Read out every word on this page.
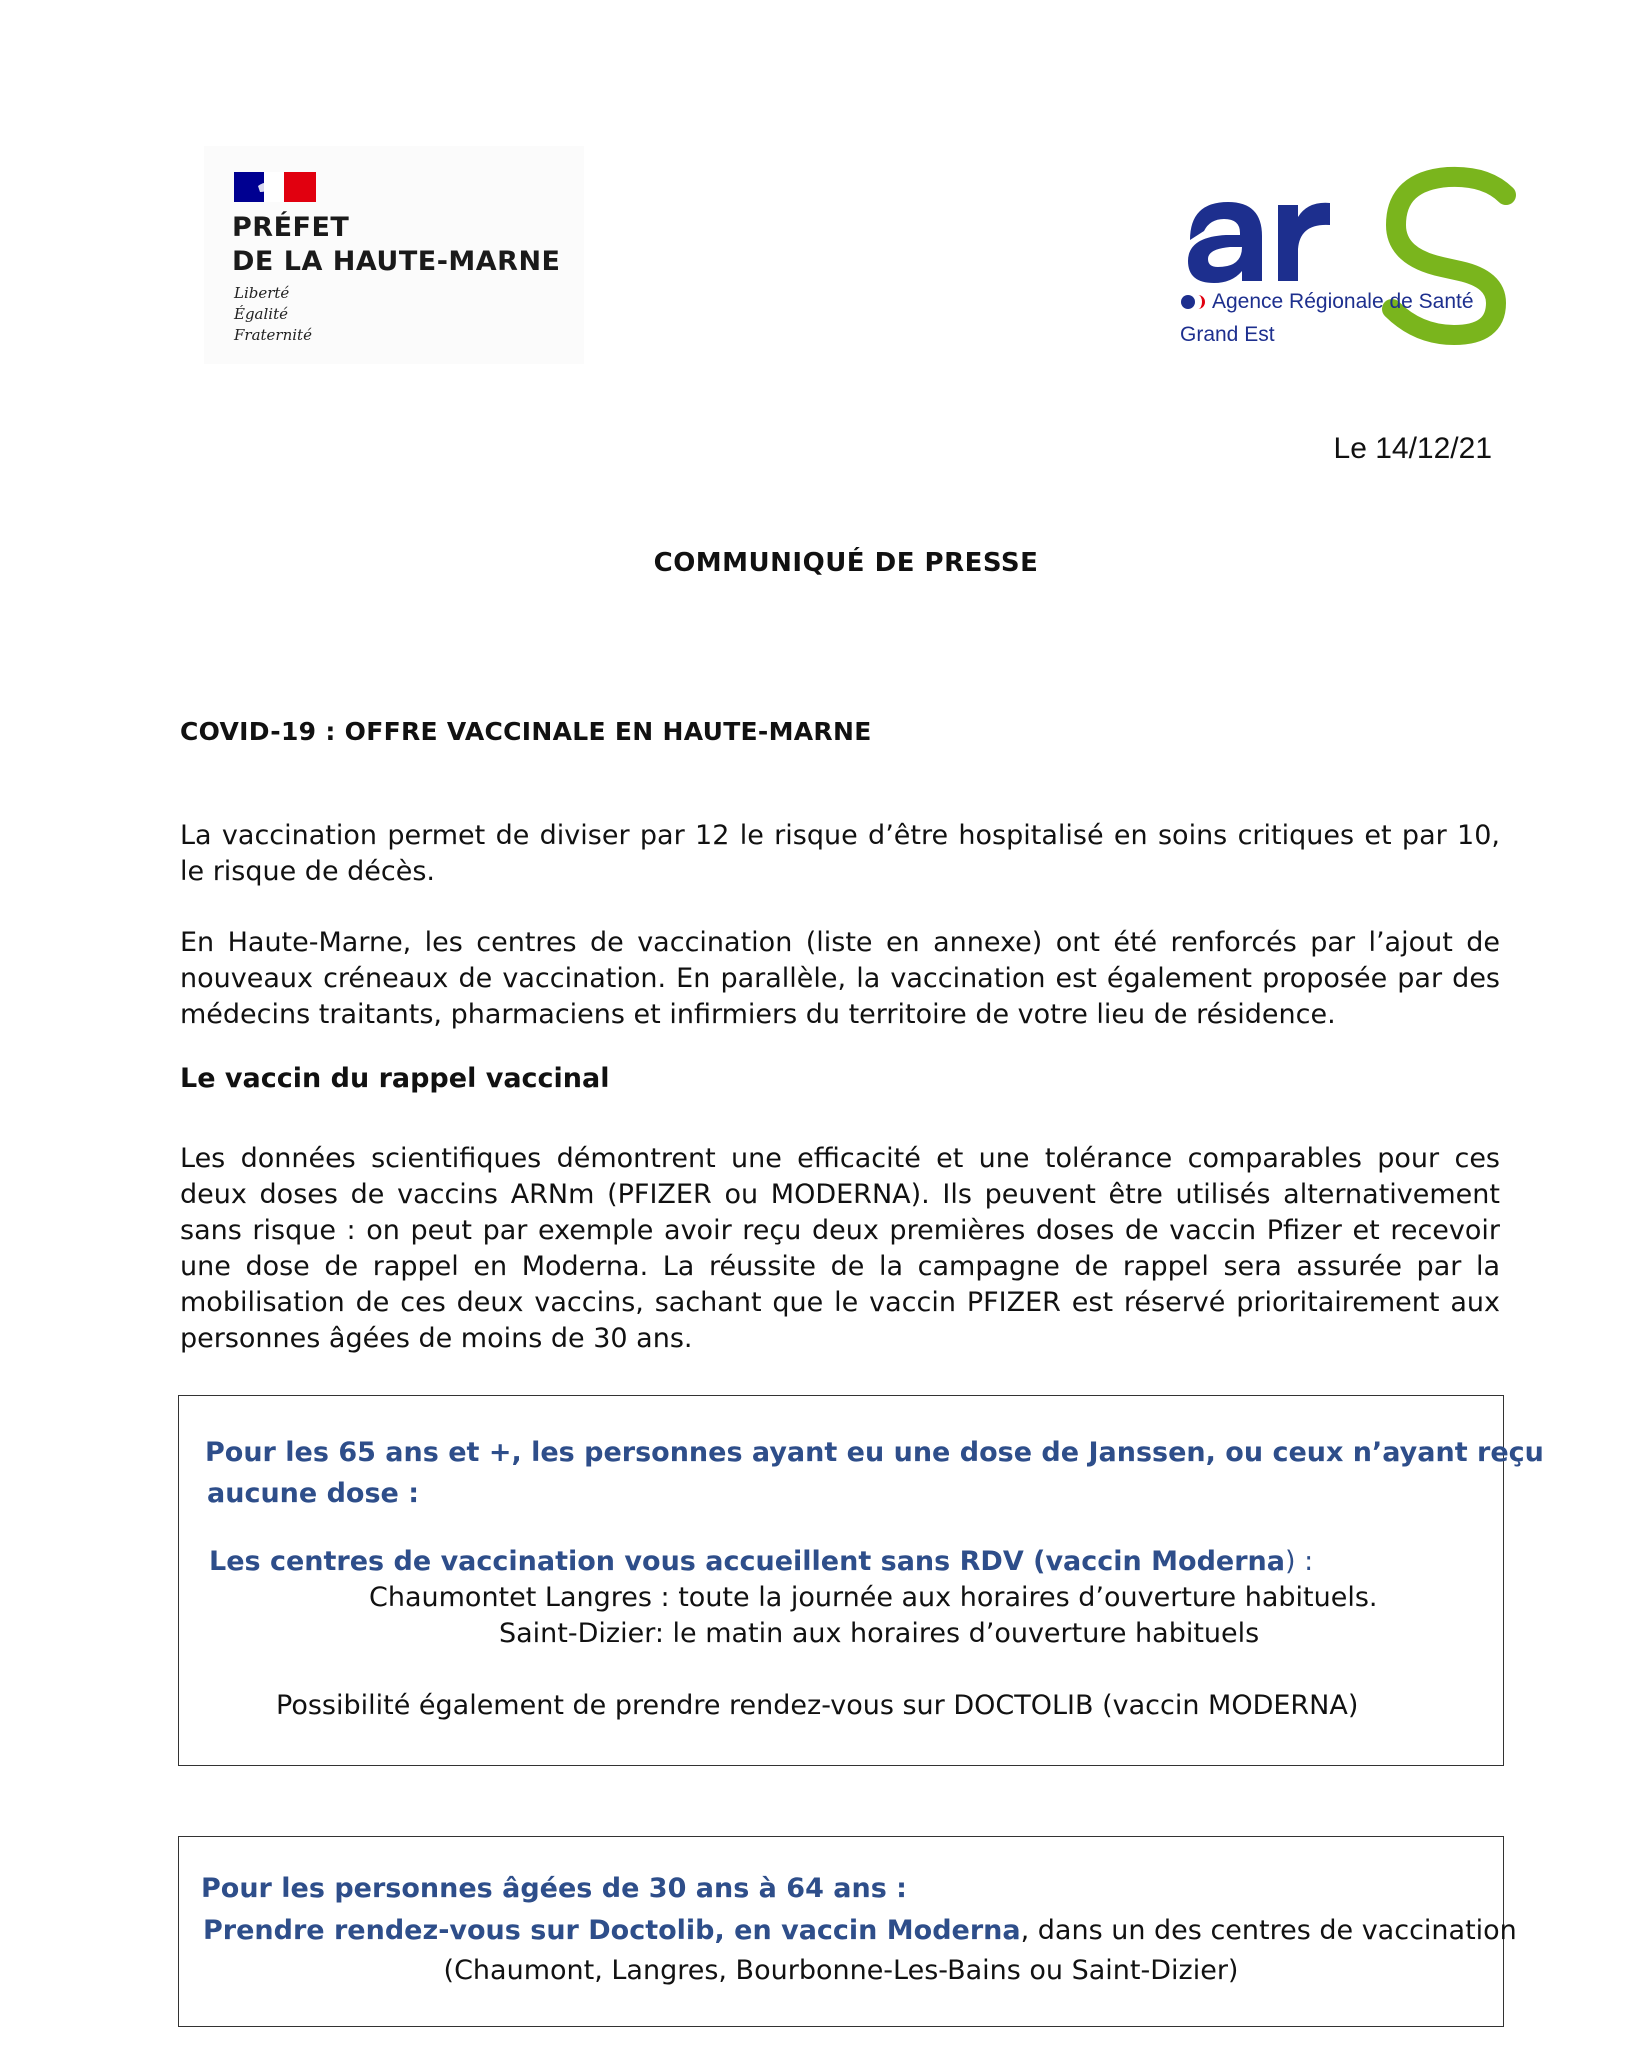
PRÉFET
DE LA HAUTE-MARNE
Liberté
Égalité
Fraternité
Agence Régionale de Santé
Grand Est
Le 14/12/21
COMMUNIQUÉ DE PRESSE
COVID-19 : OFFRE VACCINALE EN HAUTE-MARNE

La vaccination permet de diviser par 12 le risque d’être hospitalisé en soins critiques et par 10, le risque de décès.

En Haute-Marne, les centres de vaccination (liste en annexe) ont été renforcés par l’ajout de nouveaux créneaux de vaccination. En parallèle, la vaccination est également proposée par des médecins traitants, pharmaciens et infirmiers du territoire de votre lieu de résidence.

Le vaccin du rappel vaccinal

Les données scientifiques démontrent une efficacité et une tolérance comparables pour ces deux doses de vaccins ARNm (PFIZER ou MODERNA). Ils peuvent être utilisés alternativement sans risque : on peut par exemple avoir reçu deux premières doses de vaccin Pfizer et recevoir une dose de rappel en Moderna. La réussite de la campagne de rappel sera assurée par la mobilisation de ces deux vaccins, sachant que le vaccin PFIZER est réservé prioritairement aux personnes âgées de moins de 30 ans.

Pour les 65 ans et +, les personnes ayant eu une dose de Janssen, ou ceux n’ayant reçu
aucune dose :
Les centres de vaccination vous accueillent sans RDV (vaccin Moderna) :
Chaumontet Langres : toute la journée aux horaires d’ouverture habituels.
Saint-Dizier: le matin aux horaires d’ouverture habituels
Possibilité également de prendre rendez-vous sur DOCTOLIB (vaccin MODERNA)
Pour les personnes âgées de 30 ans à 64 ans :
Prendre rendez-vous sur Doctolib, en vaccin Moderna, dans un des centres de vaccination
(Chaumont, Langres, Bourbonne-Les-Bains ou Saint-Dizier)
